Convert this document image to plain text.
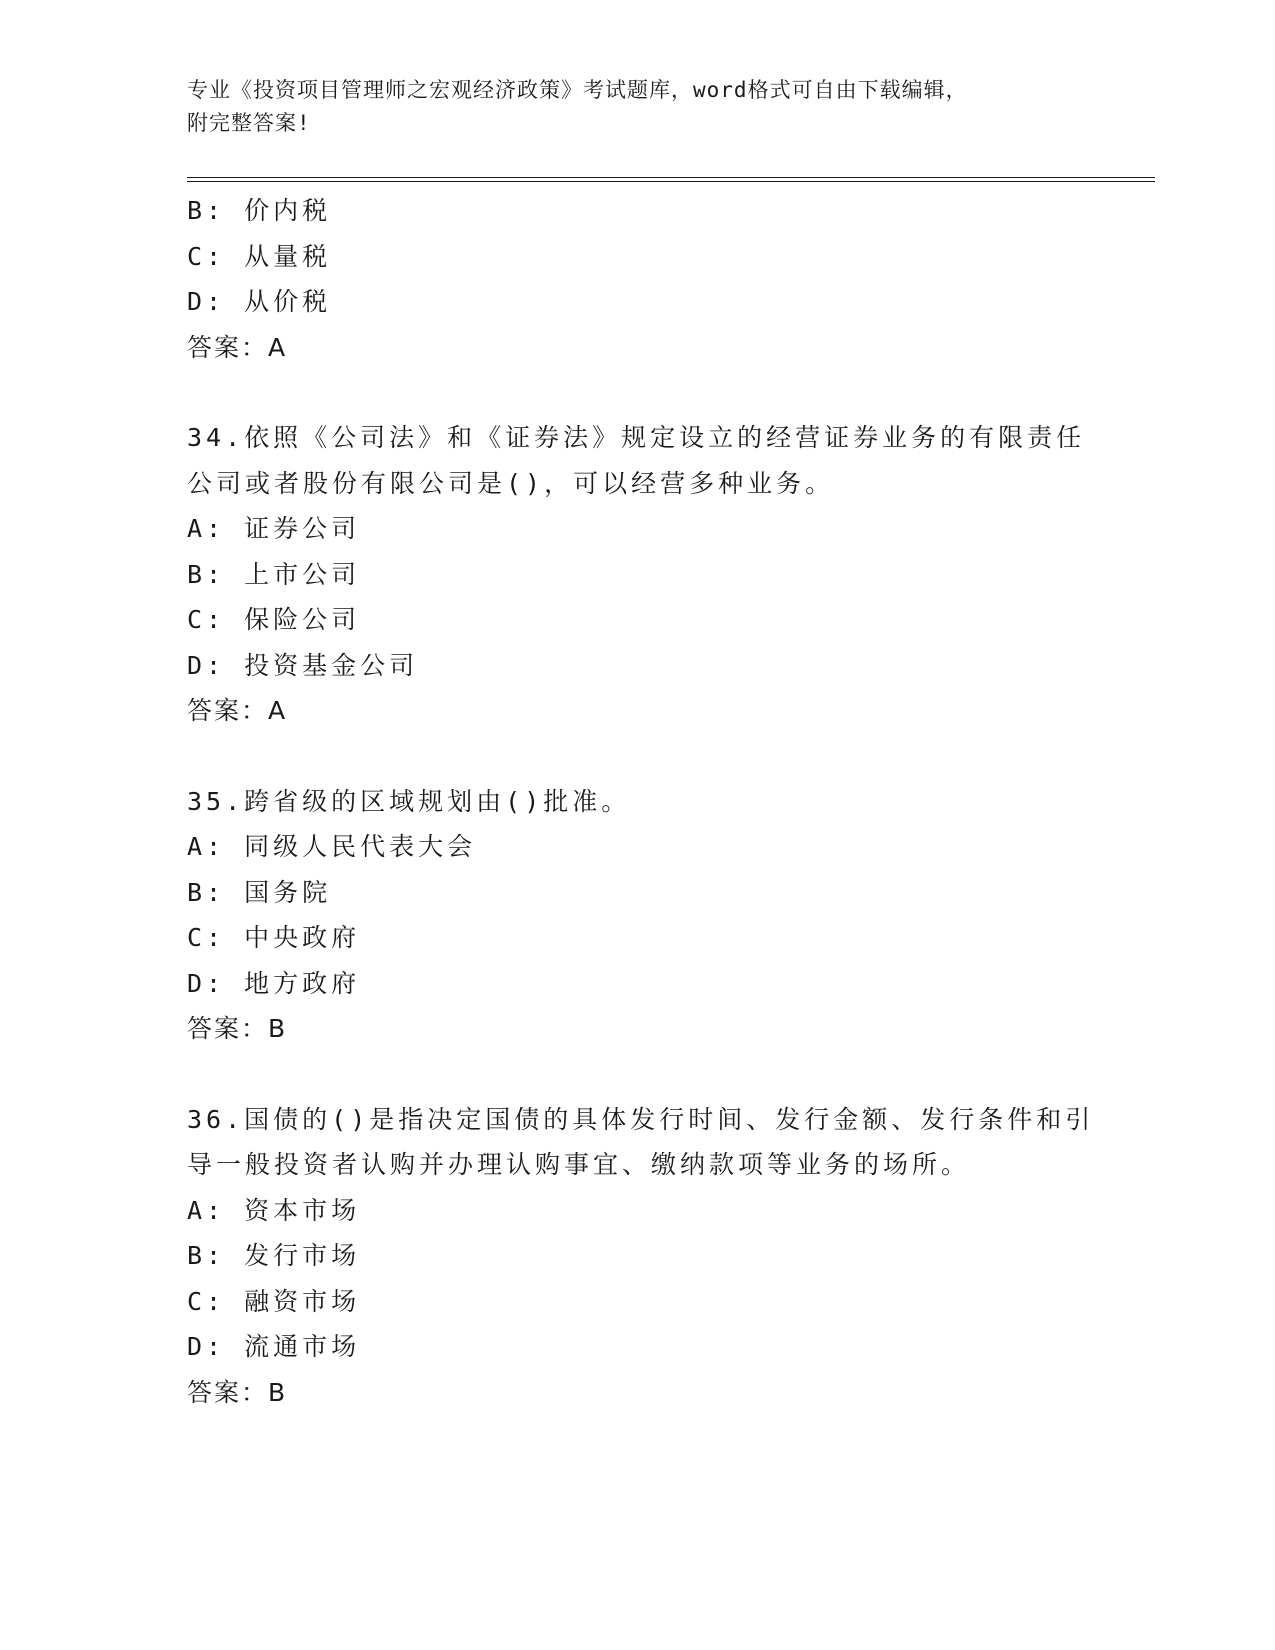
专业《投资项目管理师之宏观经济政策》考试题库，word格式可自由下载编辑，
附完整答案!
B: 价内税
C: 从量税
D: 从价税
答案：A
34.依照《公司法》和《证券法》规定设立的经营证券业务的有限责任
公司或者股份有限公司是()，可以经营多种业务。
A: 证券公司
B: 上市公司
C: 保险公司
D: 投资基金公司
答案：A
35.跨省级的区域规划由()批准。
A: 同级人民代表大会
B: 国务院
C: 中央政府
D: 地方政府
答案：B
36.国债的()是指决定国债的具体发行时间、发行金额、发行条件和引
导一般投资者认购并办理认购事宜、缴纳款项等业务的场所。
A: 资本市场
B: 发行市场
C: 融资市场
D: 流通市场
答案：B
